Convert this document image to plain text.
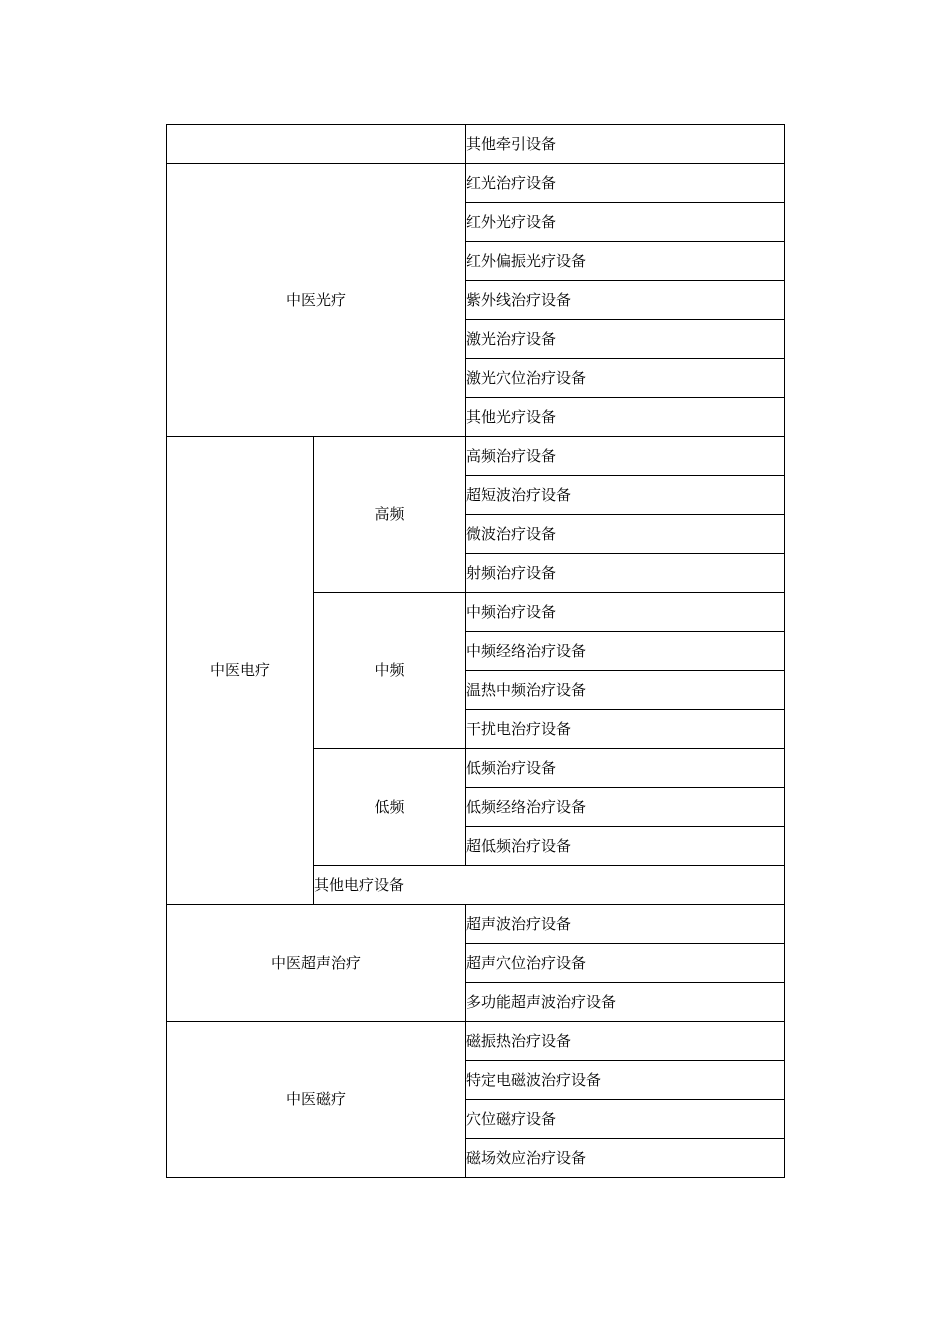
		其他牵引设备
中医光疗		红光治疗设备
		红外光疗设备
		红外偏振光疗设备
		紫外线治疗设备
		激光治疗设备
		激光穴位治疗设备
		其他光疗设备
中医电疗	高频	高频治疗设备
		超短波治疗设备
		微波治疗设备
		射频治疗设备
	中频	中频治疗设备
		中频经络治疗设备
		温热中频治疗设备
		干扰电治疗设备
	低频	低频治疗设备
		低频经络治疗设备
		超低频治疗设备
	其他电疗设备	
中医超声治疗		超声波治疗设备
		超声穴位治疗设备
		多功能超声波治疗设备
中医磁疗		磁振热治疗设备
		特定电磁波治疗设备
		穴位磁疗设备
		磁场效应治疗设备
